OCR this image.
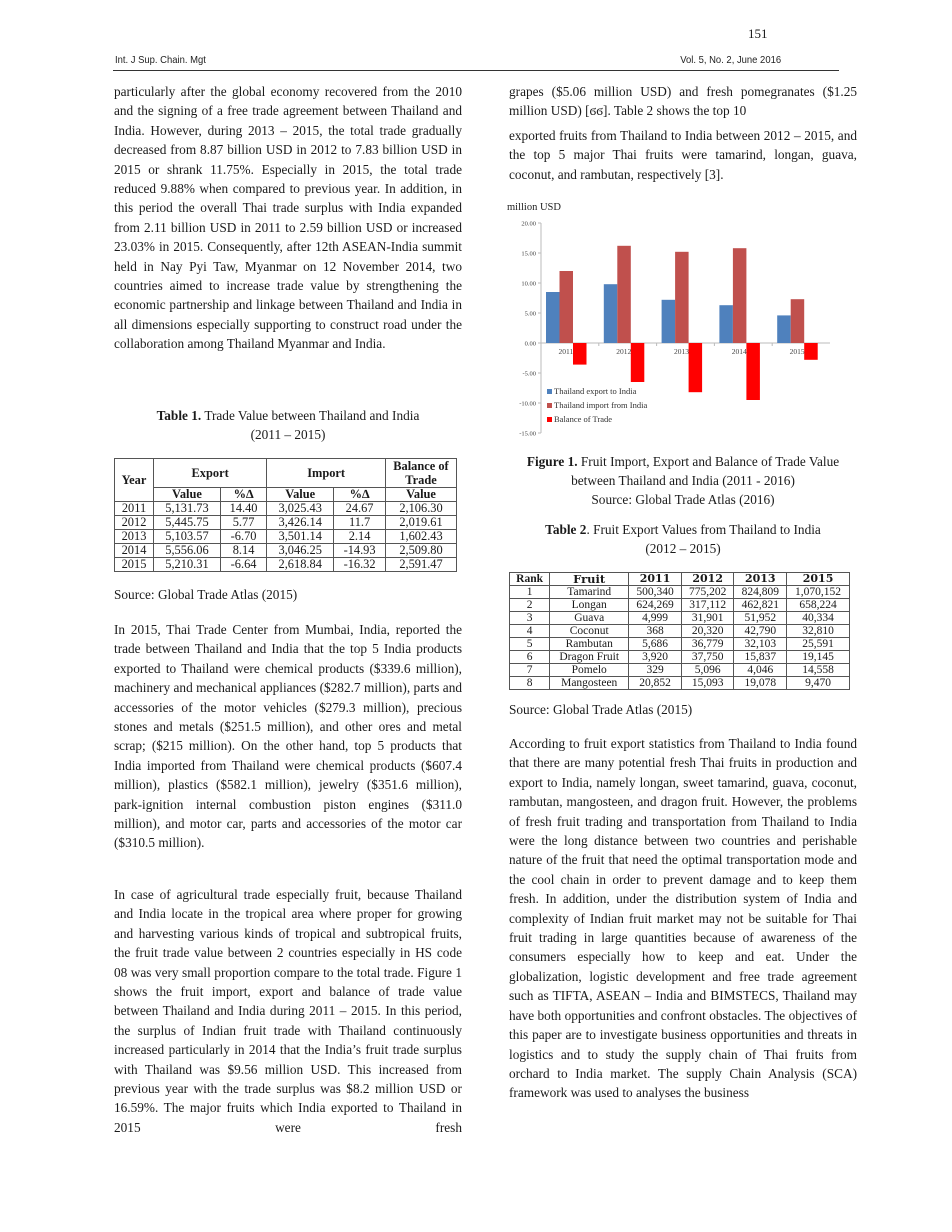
151
Int. J Sup. Chain. Mgt	Vol. 5, No. 2, June 2016

particularly after the global economy recovered from the 2010 and the signing of a free trade agreement between Thailand and India. However, during 2013 – 2015, the total trade gradually decreased from 8.87 billion USD in 2012 to 7.83 billion USD in 2015 or shrank 11.75%. Especially in 2015, the total trade reduced 9.88% when compared to previous year. In addition, in this period the overall Thai trade surplus with India expanded from 2.11 billion USD in 2011 to 2.59 billion USD or increased 23.03% in 2015. Consequently, after 12th ASEAN-India summit held in Nay Pyi Taw, Myanmar on 12 November 2014, two countries aimed to increase trade value by strengthening the economic partnership and linkage between Thailand and India in all dimensions especially supporting to construct road under the collaboration among Thailand Myanmar and India.

Table 1. Trade Value between Thailand and India
(2011 – 2015)
Year	Export		Import		Balance of Trade
	Value	%∆	Value	%∆	Value
2011	5,131.73	14.40	3,025.43	24.67	2,106.30
2012	5,445.75	5.77	3,426.14	11.7	2,019.61
2013	5,103.57	-6.70	3,501.14	2.14	1,602.43
2014	5,556.06	8.14	3,046.25	-14.93	2,509.80
2015	5,210.31	-6.64	2,618.84	-16.32	2,591.47
Source: Global Trade Atlas (2015)

In 2015, Thai Trade Center from Mumbai, India, reported the trade between Thailand and India that the top 5 India products exported to Thailand were chemical products ($339.6 million), machinery and mechanical appliances ($282.7 million), parts and accessories of the motor vehicles ($279.3 million), precious stones and metals ($251.5 million), and other ores and metal scrap; ($215 million). On the other hand, top 5 products that India imported from Thailand were chemical products ($607.4 million), plastics ($582.1 million), jewelry ($351.6 million), park-ignition internal combustion piston engines ($311.0 million), and motor car, parts and accessories of the motor car ($310.5 million).

In case of agricultural trade especially fruit, because Thailand and India locate in the tropical area where proper for growing and harvesting various kinds of tropical and subtropical fruits, the fruit trade value between 2 countries especially in HS code 08 was very small proportion compare to the total trade. Figure 1 shows the fruit import, export and balance of trade value between Thailand and India during 2011 – 2015. In this period, the surplus of Indian fruit trade with Thailand continuously increased particularly in 2014 that the India’s fruit trade surplus with Thailand was $9.56 million USD. This increased from previous year with the trade surplus was $8.2 million USD or 16.59%. The major fruits which India exported to Thailand in 2015 were fresh

grapes ($5.06 million USD) and fresh pomegranates ($1.25 million USD) [ϭϭ]. Table 2 shows the top 10

exported fruits from Thailand to India between 2012 – 2015, and the top 5 major Thai fruits were tamarind, longan, guava, coconut, and rambutan, respectively [3].

million USD
20.00
15.00
10.00
5.00
0.00
-5.00
-10.00
-15.00
2011	2012	2013	2014	2015
Thailand export to India
Thailand import from India
Balance of Trade
Figure 1. Fruit Import, Export and Balance of Trade Value between Thailand and India (2011 - 2016)
Source: Global Trade Atlas (2016)
Table 2. Fruit Export Values from Thailand to India
(2012 – 2015)
Rank	Fruit	2011	2012	2013	2015
1	Tamarind	500,340	775,202	824,809	1,070,152
2	Longan	624,269	317,112	462,821	658,224
3	Guava	4,999	31,901	51,952	40,334
4	Coconut	368	20,320	42,790	32,810
5	Rambutan	5,686	36,779	32,103	25,591
6	Dragon Fruit	3,920	37,750	15,837	19,145
7	Pomelo	329	5,096	4,046	14,558
8	Mangosteen	20,852	15,093	19,078	9,470
Source: Global Trade Atlas (2015)

According to fruit export statistics from Thailand to India found that there are many potential fresh Thai fruits in production and export to India, namely longan, sweet tamarind, guava, coconut, rambutan, mangosteen, and dragon fruit. However, the problems of fresh fruit trading and transportation from Thailand to India were the long distance between two countries and perishable nature of the fruit that need the optimal transportation mode and the cool chain in order to prevent damage and to keep them fresh. In addition, under the distribution system of India and complexity of Indian fruit market may not be suitable for Thai fruit trading in large quantities because of awareness of the consumers especially how to keep and eat. Under the globalization, logistic development and free trade agreement such as TIFTA, ASEAN – India and BIMSTECS, Thailand may have both opportunities and confront obstacles. The objectives of this paper are to investigate business opportunities and threats in logistics and to study the supply chain of Thai fruits from orchard to India market. The supply Chain Analysis (SCA) framework was used to analyses the business
